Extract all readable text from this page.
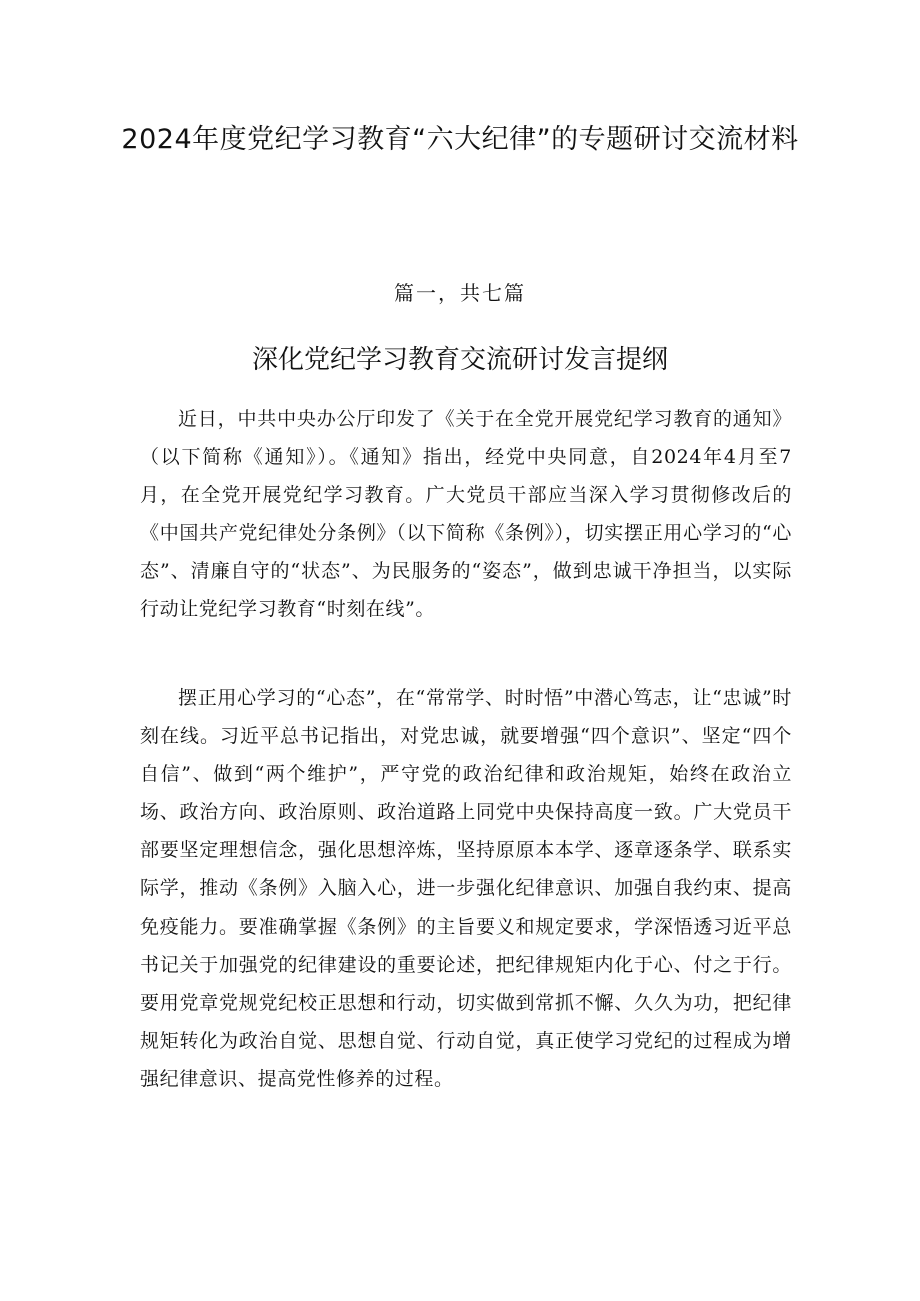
2024年度党纪学习教育“六大纪律”的专题研讨交流材料

篇一，共七篇

深化党纪学习教育交流研讨发言提纲

近日，中共中央办公厅印发了《关于在全党开展党纪学习教育的通知》（以下简称《通知》）。《通知》指出，经党中央同意，自2024年4月至7月，在全党开展党纪学习教育。广大党员干部应当深入学习贯彻修改后的《中国共产党纪律处分条例》（以下简称《条例》），切实摆正用心学习的“心态”、清廉自守的“状态”、为民服务的“姿态”，做到忠诚干净担当，以实际行动让党纪学习教育“时刻在线”。

摆正用心学习的“心态”，在“常常学、时时悟”中潜心笃志，让“忠诚”时刻在线。习近平总书记指出，对党忠诚，就要增强“四个意识”、坚定“四个自信”、做到“两个维护”，严守党的政治纪律和政治规矩，始终在政治立场、政治方向、政治原则、政治道路上同党中央保持高度一致。广大党员干部要坚定理想信念，强化思想淬炼，坚持原原本本学、逐章逐条学、联系实际学，推动《条例》入脑入心，进一步强化纪律意识、加强自我约束、提高免疫能力。要准确掌握《条例》的主旨要义和规定要求，学深悟透习近平总书记关于加强党的纪律建设的重要论述，把纪律规矩内化于心、付之于行。要用党章党规党纪校正思想和行动，切实做到常抓不懈、久久为功，把纪律规矩转化为政治自觉、思想自觉、行动自觉，真正使学习党纪的过程成为增强纪律意识、提高党性修养的过程。
